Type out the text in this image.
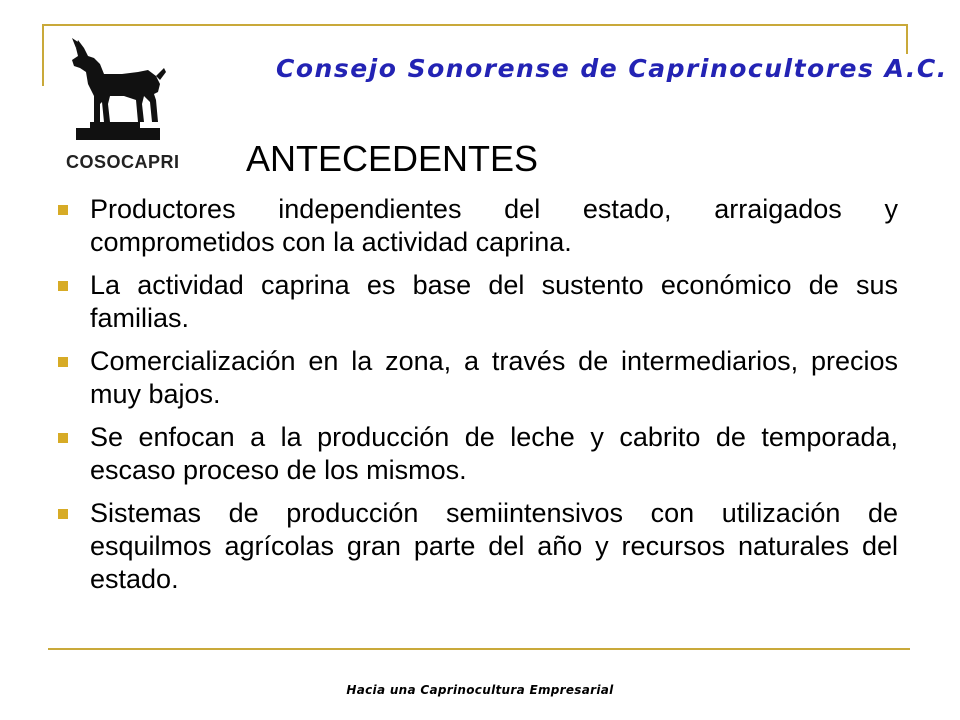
COSOCAPRI
Consejo Sonorense de Caprinocultores A.C.
ANTECEDENTES
Productores independientes del estado, arraigados y comprometidos con la actividad caprina.
La actividad caprina es base del sustento económico de sus familias.
Comercialización en la zona, a través de intermediarios, precios muy bajos.
Se enfocan a la producción de leche y cabrito de temporada, escaso proceso de los mismos.
Sistemas de producción semiintensivos con utilización de esquilmos agrícolas gran parte del año y recursos naturales del estado.
Hacia una Caprinocultura Empresarial
